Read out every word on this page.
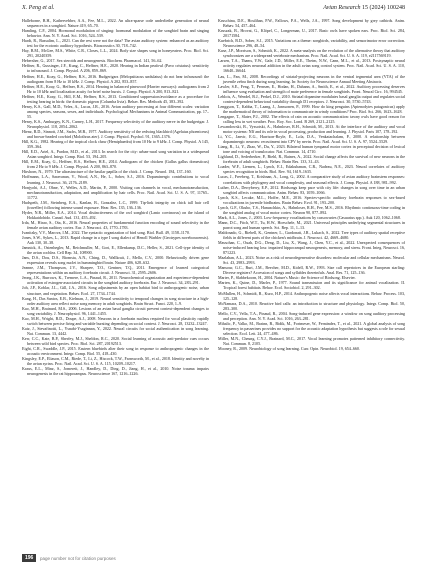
X. Peng et al.	Avian Research 15 (2024) 100248

Halleborne, B.H., Kathervebber, A.A., Fee, M.L., 2022. An ultra-sparse code underliethe generation of neural sequences in a songbird. Nature 419, 65–70.

Hamling, C.F., 2004. Hormonal modulation of singing: hormonal modulation of the songbird brain and singing behavior. Ann. N. Y. Acad. Sci. 1016, 524–539.

Hardt, R., Bassalim, L., 2021. Can the rest were not the data? The avian auditory system: enhanced as an auditory test for the ecotonic auditory hypothesis. Bioacoustics 30, 718–742.

Hay, B.M., McGee, M.S., White, C.R., Closes, L.L., 2024. Body size shapes song in honeyeaters. Proc. Biol. Sci. 291, 20240359.

Hebersher, G., 2017. Sex steroids and neurogenesis. Biochem. Pharmacol. 141, 56–62.

Heffner, R., Gussinger, J.F., Kung, C., Heffner, H.E., 2020. Hearing in Indian peafowl (Pavo cristatus): sensitivity to infrasound. J. Comp. Physiol. A 206, 859–869.

Heffner, H.E., Koay, G., Heffner, R.S., 2016. Budgerigars (Melopsittacus undulatus) do not hear infrasound: the audiogram from 8 Hz to 10 kHz. J. Comp. Physiol. A 202, 853–857.

Heffner, H.E., Koay, G., Heffner, R.S., 2014. Hearing in balanced pinewood (Harrier runways): audiograms from 2 Hz to 10 kHz and localization acuity for brief noise bursts. J. Comp. Physiol. A 200, 813–821.

Heffner, H.E., Koay, G., Hill, E.M., Heffner, R.S., 2013. Conditioned suppression/avoidance as a procedure for testing hearing in birds: the domestic pigeon (Columba livia). Behav. Res. Methods 45, 383–392.

Henry, K.S., Gall, M.D., Velez, A., Lucas, J.R., 2016. Avian auditory processing at four different scales: variation among species, seasons, sexes, and individuals. Psychological Mechanisms in Animal Communication, pp. 17–55.

Henry, K.S., Amburgey, K.N., Carney, L.H., 2017. Frequency selectivity of the auditory nerve in the budgerigar. J. Neurophysiol. 118, 2054–2062.

Hienz, R.D., Sinnott, J.M., Sachs, M.B., 1977. Auditory sensitivity of the redwing blackbird (Agelaius phoeniceus) and brown-headed cowbird (Molothrus ater). J. Comp. Physiol. Psychol. 91, 1365–1376.

Hill, K.G., 1982. Hearing of the tropical clock chaw (Hemiphaedra) from 10 Hz to 9 kHz. J. Comp. Physiol. A 145, 359–364.

Hill, E.D., Ariel, A., Pardon, M.D., et al., 2013. In search for the city: urban-rural song variation in a widespread Asian songbird. Integr. Comp. Biol. 53, 194–205.

Hill, E.M., Koay, G., Heffner, R.S., Heffner, H.E., 2014. Audiogram of the chicken (Gallus gallus domesticus) from 2 Hz to 9 kHz. J. Comp. Physiol. A 200, 863–870.

Hirshorn, N., 1979. The ultrastructure of the basilar papilla of the chick. J. Comp. Neurol. 184, 137–160.

Hoffmann, L.A., Saravanan, V., Wood, A.N., He, L., Sober, S.J., 2016. Dopaminergic contributions to vocal learning. J. Neurosci. 36, 2176–2189.

Honjyohi, A.J., Ohne, Y., Welles, A.D., Martin, P., 2000. Visiting can channels in vocal, mechanotransduction, mechanotransduction, adaptation, and amplification by hair cells. Proc. Natl. Acad. Sci. U. S. A. 97, 11765–11772.

Hudspeth, J.M., Steinberg, E.A., Kanlan, B., Gonzalez, L.C., 1999. Tip-link integrity on chick tall hair cell (traveller) following intense sound exposure. Hear. Res. 135, 136–136.

Hyder, N.R., Miller, E.A., 2014. Vocal distinctiveness of the owl songbird (Lanio corvinorus) on the island of Hokkaidohido. Canad. Aud. 131, 455–492.

Irda, M., Hirao, S., Ota, K., 2016. Neural properties of fundamental function encoding of sound selectivity in the female avian auditory cortex. Eur. J. Neurosci. 43, 1770–1783.

Ivanitzky, V.V., Marova, I.M., 2022. The syntactic organization of bird song. Biol. Bull. 49, 1158–1170.

Jones, S.W., Sykes, L., 2013. Rapid change in a type I song dialect of Henoll Warbler (Geotrypes noveboracensis). Auk 130, 30–38.

Jamnick, A., Ostenhegler, M., Reichmuller, M., Gori, E., Ellenkamp, D.C., Heller, S., 2021. Cell-type identity of the avian cochlea. Cell Rep. 34, 108900.

Jans, D.S., Dou, D.S., Biomsta, A.N., Ching, D., Wallkrait, J., Mello, C.V., 2000. Behaviorally driven gene expression reveals song nuclei in hummingbird brain. Nature 406, 628–632.

Jeanne, J.M., Thompson, J.V., Sharpee, T.O., Gentner, T.Q., 2011. Emergence of learned categorical representations within an auditory forebrain circuit. J. Neurosci. 31, 2595–2606.

Jeong, J.K., Burrows, K., Tremere, L.A., Pinaud, R., 2011. Neurochemical organization and experience-dependent activation of estrogen-associated circuits in the songbird auditory forebrain. Eur. J. Neurosci. 34, 283–291.

Joh, J.P., Koblar, J.L., Gill, J.A., 2016. Song adjustments by an open habitat bird to anthropogenic noise, urban structure, and vegetation. Behav. Ecol. 27, 1734–1744.

Kang, H., Das Santos, E.B., Kielman, J., 2019. Neural sensitivity to temporal changes in song structure in a high-order auditory area reflect noise song memory in adult songbirds. Brain Struct. Funct. 220, 1–9.

Kao, M.H., Brainard, M.S., 2006. Lesions of an avian basal ganglia circuit prevent context-dependent changes to song variability. J. Neurophysiol. 96, 1441–1455.

Kao, M.H., Wright, B.D., Doupe, A.J., 2008. Neurons in a forebrain nucleus required for vocal plasticity rapidly switch between precise firing and variable bursting depending on social context. J. Neurosci. 28, 13232–13247.

Katz, J., Stevaftnotti, L., Ysnabi-Ysaginnan, Y., 2022. Neural circuits for social authentication in song learning. Nat. Commun. 13, 4442.

Kerr, C.C., Kate, B.P., Sherfey, M.J., Sheldon, R.C., 2020. Social learning of acoustic anti-predator cues occurs between wild bird species. Proc. Biol. Sci. 287, 20192513.

Eight, C.R., Swaddle, J.P., 2015. Eastern bluebirds alter their song in response to anthropogenic changes in the acoustic environment. Integr. Comp. Biol. 55, 418–430.

Kingsley, E.P., Eliason, C.M., Riede, T., Li, Z., Hiscock, T.W., Farnsworth, M., et al., 2018. Identity and novelty in the avian syrinx. Proc. Natl. Acad. Sci. U. S. A. 115, 10209–10217.

Kraus, E.L., Minz, S., Jomereit, J., Handley, D., Ding, D., Jiang, H., et al., 2010. Noise trauma impairs neurogenesis in the rat hippocampus. Neuroscience 167, 1216–1226.

Kruschina, D.E., Houlihan, P.W., Fallows, P.A., Wells, J.A., 1997. Song development by grey catbirds. Anim. Behav. 54, 457–464.

Kruszak, B., Hrovat, G., Klöpel, C., Longerman, U., 2017. Basic owls have spoken ears. Proc. Biol. Sci. 284, 20171584.

Kuebrich, B.D., Sober, S.J., 2015. Variations on a theme: songbirds, variability, and sensorimotor error correction. Neuroscience 296, 48–54.

Kuse, J.P., Morrison, S., Schmidt, K., 2022. A meta-analysis on the evolution of the alternative theory that auditory synchronizes are a widespread vertebrate mechanism. Proc. Natl. Acad. Sci. U. S. A. 119, e2117569119.

Larsen, T.A., Thams, Y.W., Gale, J.D., Miller, E.E., Theim, N.W., Cann, M.L., et al., 2013. Postsynaptic neural activity regulates neuronal addition in the adult avian song control system. Proc. Natl. Acad. Sci. U. S. A. 110, 16640–16644.

Lau, L., Fan, M., 2008. Recordings of striatal-projecting neurons in the ventral tegmental area (VTA) of the juvenile zebra finch during song learning. In: Society for Neuroscience Annual Meeting Abstracts.

Lawler, S.E., Feng, T., Pernsen, E., Hodan, H., Dahann, A., Smith, E., et al., 2022. Auditory processing deserves influence song evaluation and strength of mate preference in female songbirds. Front. Neural Circ. 16, 994545.

Leblois, A., Wendel, B.J., Perkel, D.J., 2010. Striatal dopamine modulates basal ganglia output and regulates social context-dependent behavioral variability through D1 receptors. J. Neurosci. 30, 5730–5743.

Lenggson, T., Kabba, T., Laang, J., Janssonen, P., 1999. How do king penguins (Aptenodytes patagonicus) apply the mathematical theory of information to communicate in windy conditions? Proc. Biol. Sci. 266, 1623–1628.

Lengagne, T., Slater, P.J., 2002. The effects of rain on acoustic communication: tawny owls have good reason for calling less in wet weather. Proc. Roy. Soc. Lond. B 269, 2121–2125.

Lewandowski, B., Vyssotski, A., Hahnloser, R.H., Schmidt, M., 2013. At the interface of the auditory and vocal motor systems: NIf and its role in vocal processing, production and learning. J. Physiol. Paris 107, 178–192.

Li, Y.C., Janvir, E.G., Harrison-Boyle, E., Lola, D.A., Venkatachalam, P., 2000. A relationship between dopaminergic neurons: recruitment into CPV by nevin. Proc. Natl. Acad. Sci. U. S. A. 97, 5524–5529.

Liang, R., Li, Y., Zhao, W., Du, Y., 2023. Bilateral human tympanal motor cortex in perceptual decision of lexical tone and voicing of translocator. Nat. Commun. 14, 4710.

Lighlund, D., Sederberker, P., Biehl, R., Baines, A., 2022. Social change affects the survival of new neurons in the forebrain of adult songbirds. Behav. Brain Res. 133, 31–43.

Loader, W.F., Liemen, L., Lynch, E.I., Edakubanan, C.R., Nadeau, N.E., 2023. Neural correlates of auditory species recognition in birds. Biol. Rev. 94, 1619–1635.

Lucas, J., Freeberg, T., Krishnan, A., Long, G., 2002. A comparative study of avian auditory brainstem responses: correlations with phylogeny and vocal complexity, and seasonal effects. J. Comp. Physiol. A 188, 981–992.

Luther, D.A., Derryberry, E.P., 2012. Birdsongs keep pace with city life: changes in song over time in an urban songbird affects communication. Anim. Behav. 83, 1059–1066.

Lynch, K.S., Lecake, M.L., Hoffer, M.E., 2016. Species-specific auditory forebrain responses to sex-based vocalizations in juvenile birdbrains. Brain Behav. Evol. 91, 193–200.

Lynch, G.F., Okubo, T.S., Hanuschkin, A., Hahnloser, R.H., Fee, M.S., 2016. Rhythmic continuous-time coding in the songbird analog of vocal motor cortex. Neuron 90, 877–892.

Mark, A.L., Jones, J., 2003. Low-frequency vocalizations by cassowaries (Casuarius spp.). Auk 120, 1062–1068.

Mann, D.C., Fitch, W.T., Tu, H.W., Hoeschele, M., 2021. Universal principles underlying segmental structures in parrot song and human speech. Sci. Rep. 11, 1–13.

Maldonado, G., Riebell, K., Gentner, L., Gardonati, J.R., Lukach, S., 2022. Tree types of auditory spatial receptive fields in different parts of the chicken's midbrain. J. Neurosci. 42, 4669–4680.

Massohan, C., Ouah, D.G., Deng, D., Liu, X., Wang, J., Chen, Y.C., et al., 2022. Unexpected consequences of noise-induced hearing loss: impaired hippocampal neurogenesis, memory, and stress. Front. Integ. Neurosci. 16, 871223.

Mazlahan, A.L., 2023. Noise as a risk of neurodegenerative disorders: molecular and cellular mechanisms. Neurol. Sci. 43, 2983–2993.

Mansour, G.C., Burt, J.M., Beecher, M.D., Kidell, R.W., 1993. Size call repertoires in the European starling: Diverse registers? Accession of songs and syllables thereinfuls. Anal. Res. 71, 125–136.

Marter, P., Slabbekoorn, H., 2004. Nature's Music: the Science of Birdsong. Elsevier.

Marten, K., Quine, D., Marler, P., 1977. Sound transmission and its significance for animal vocalization. II. Tropical forest habitats. Behav. Ecol. Sociobiol. 2, 291–302.

McMullen, H., Schmidt, R., Kuro, H.P., 2014. Anthropogenic noise affects vocal interactions. Behav. Process. 103, 125–128.

McNamara, D.A., 2010. Reactive bird calls: an introduction to structure and physiology. Integr. Comp. Biol. 50, 283–300.

Mello, C.V., Vella, T.A., Pinaud, R., 2004. Song-induced gene expression: a window on song auditory processing and perception. Ann. N. Y. Acad. Sci. 1016, 263–281.

Mihalic, P., Valko, M., Brainn, B., Bidik, M., Fortmeser, W., Fernández, T., et al., 2021. A global analysis of song frequency in passerines provides no support for the acoustic adaptation hypothesis but suggests a role for sexual selection. Ecol. Lett. 24, 477–486.

Miller, M.N., Cheung, C.Y.J., Brainard, M.C., 2017. Vocal learning promotes patterned inhibitory connectivity. Nat. Commun. 8, 2105.

Mooney, R., 2009. Neurobiology of song learning. Curr. Opin. Neurobiol. 19, 654–660.

196	page number not for citation purposes
